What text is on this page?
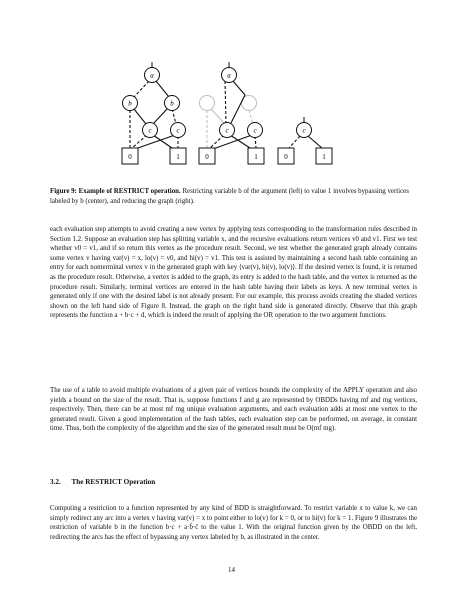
a
b	b
c	c
0	1
a
c	c
0	1
c
0	1
Figure 9: Example of RESTRICT operation. Restricting variable b of the argument (left) to value 1 involves bypassing vertices labeled by b (center), and reducing the graph (right).

each evaluation step attempts to avoid creating a new vertex by applying tests corresponding to the transformation rules described in Section 1.2. Suppose an evaluation step has splitting variable x, and the recursive evaluations return vertices v0 and v1. First we test whether v0 = v1, and if so return this vertex as the procedure result. Second, we test whether the generated graph already contains some vertex v having var(v) = x, lo(v) = v0, and hi(v) = v1. This test is assisted by maintaining a second hash table containing an entry for each nonterminal vertex v in the generated graph with key ⟨var(v), hi(v), lo(v)⟩. If the desired vertex is found, it is returned as the procedure result. Otherwise, a vertex is added to the graph, its entry is added to the hash table, and the vertex is returned as the procedure result. Similarly, terminal vertices are entered in the hash table having their labels as keys. A new terminal vertex is generated only if one with the desired label is not already present. For our example, this process avoids creating the shaded vertices shown on the left hand side of Figure 8. Instead, the graph on the right hand side is generated directly. Observe that this graph represents the function a + b·c + d, which is indeed the result of applying the OR operation to the two argument functions.

The use of a table to avoid multiple evaluations of a given pair of vertices bounds the complexity of the APPLY operation and also yields a bound on the size of the result. That is, suppose functions f and g are represented by OBDDs having mf and mg vertices, respectively. Then, there can be at most mf mg unique evaluation arguments, and each evaluation adds at most one vertex to the generated result. Given a good implementation of the hash tables, each evaluation step can be performed, on average, in constant time. Thus, both the complexity of the algorithm and the size of the generated result must be O(mf mg).

3.2. The RESTRICT Operation

Computing a restriction to a function represented by any kind of BDD is straightforward. To restrict variable x to value k, we can simply redirect any arc into a vertex v having var(v) = x to point either to lo(v) for k = 0, or to hi(v) for k = 1. Figure 9 illustrates the restriction of variable b in the function b·c + a·b̄·c̄ to the value 1. With the original function given by the OBDD on the left, redirecting the arcs has the effect of bypassing any vertex labeled by b, as illustrated in the center.

14
